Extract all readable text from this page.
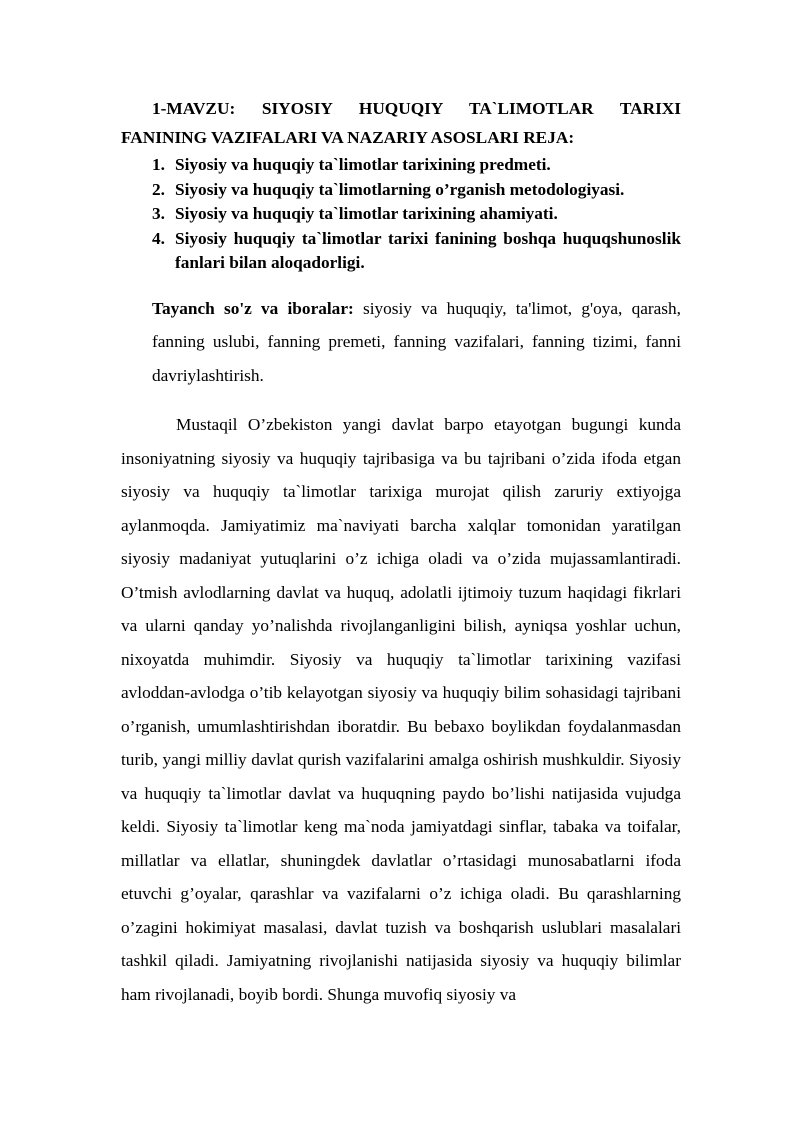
1-MAVZU: SIYOSIY HUQUQIY TA`LIMOTLAR TARIXI FANINING VAZIFALARI VA NAZARIY ASOSLARI REJA:
1. Siyosiy va huquqiy ta`limotlar tarixining predmeti.
2. Siyosiy va huquqiy ta`limotlarning o’rganish metodologiyasi.
3. Siyosiy va huquqiy ta`limotlar tarixining ahamiyati.
4. Siyosiy huquqiy ta`limotlar tarixi fanining boshqa huquqshunoslik fanlari bilan aloqadorligi.

Tayanch so'z va iboralar: siyosiy va huquqiy, ta'limot, g'oya, qarash, fanning uslubi, fanning premeti, fanning vazifalari, fanning tizimi, fanni davriylashtirish.

Mustaqil O’zbekiston yangi davlat barpo etayotgan bugungi kunda insoniyatning siyosiy va huquqiy tajribasiga va bu tajribani o’zida ifoda etgan siyosiy va huquqiy ta`limotlar tarixiga murojat qilish zaruriy extiyojga aylanmoqda. Jamiyatimiz ma`naviyati barcha xalqlar tomonidan yaratilgan siyosiy madaniyat yutuqlarini o’z ichiga oladi va o’zida mujassamlantiradi. O’tmish avlodlarning davlat va huquq, adolatli ijtimoiy tuzum haqidagi fikrlari va ularni qanday yo’nalishda rivojlanganligini bilish, ayniqsa yoshlar uchun, nixoyatda muhimdir. Siyosiy va huquqiy ta`limotlar tarixining vazifasi avloddan-avlodga o’tib kelayotgan siyosiy va huquqiy bilim sohasidagi tajribani o’rganish, umumlashtirishdan iboratdir. Bu bebaxo boylikdan foydalanmasdan turib, yangi milliy davlat qurish vazifalarini amalga oshirish mushkuldir. Siyosiy va huquqiy ta`limotlar davlat va huquqning paydo bo’lishi natijasida vujudga keldi. Siyosiy ta`limotlar keng ma`noda jamiyatdagi sinflar, tabaka va toifalar, millatlar va ellatlar, shuningdek davlatlar o’rtasidagi munosabatlarni ifoda etuvchi g’oyalar, qarashlar va vazifalarni o’z ichiga oladi. Bu qarashlarning o’zagini hokimiyat masalasi, davlat tuzish va boshqarish uslublari masalalari tashkil qiladi. Jamiyatning rivojlanishi natijasida siyosiy va huquqiy bilimlar ham rivojlanadi, boyib bordi. Shunga muvofiq siyosiy va
